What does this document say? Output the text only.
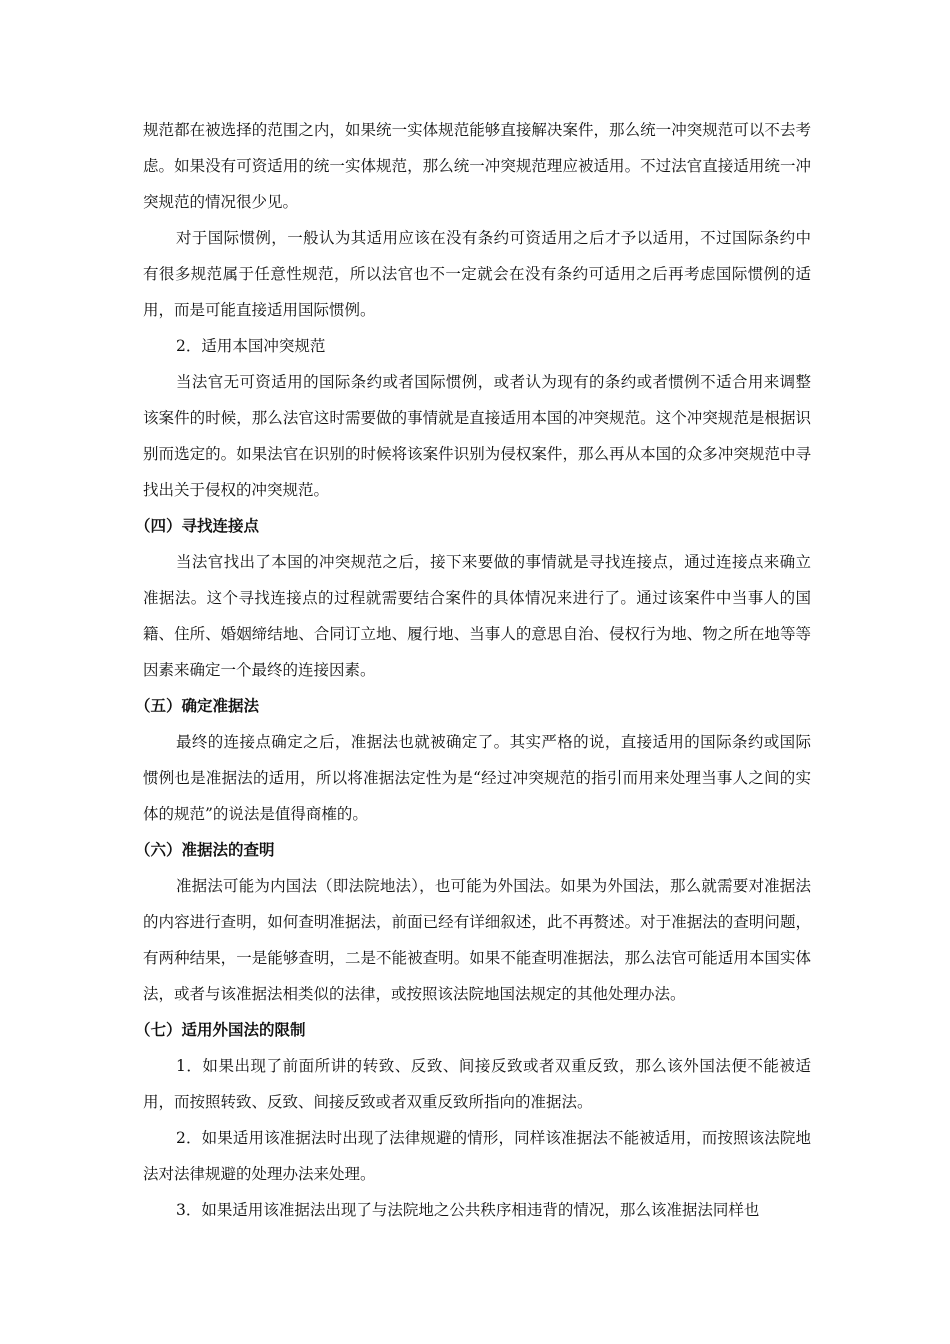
规范都在被选择的范围之内，如果统一实体规范能够直接解决案件，那么统一冲突规范可以不去考虑。如果没有可资适用的统一实体规范，那么统一冲突规范理应被适用。不过法官直接适用统一冲突规范的情况很少见。

对于国际惯例，一般认为其适用应该在没有条约可资适用之后才予以适用，不过国际条约中有很多规范属于任意性规范，所以法官也不一定就会在没有条约可适用之后再考虑国际惯例的适用，而是可能直接适用国际惯例。

2．适用本国冲突规范

当法官无可资适用的国际条约或者国际惯例，或者认为现有的条约或者惯例不适合用来调整该案件的时候，那么法官这时需要做的事情就是直接适用本国的冲突规范。这个冲突规范是根据识别而选定的。如果法官在识别的时候将该案件识别为侵权案件，那么再从本国的众多冲突规范中寻找出关于侵权的冲突规范。

（四）寻找连接点

当法官找出了本国的冲突规范之后，接下来要做的事情就是寻找连接点，通过连接点来确立准据法。这个寻找连接点的过程就需要结合案件的具体情况来进行了。通过该案件中当事人的国籍、住所、婚姻缔结地、合同订立地、履行地、当事人的意思自治、侵权行为地、物之所在地等等因素来确定一个最终的连接因素。

（五）确定准据法

最终的连接点确定之后，准据法也就被确定了。其实严格的说，直接适用的国际条约或国际惯例也是准据法的适用，所以将准据法定性为是“经过冲突规范的指引而用来处理当事人之间的实体的规范”的说法是值得商榷的。

（六）准据法的查明

准据法可能为内国法（即法院地法），也可能为外国法。如果为外国法，那么就需要对准据法的内容进行查明，如何查明准据法，前面已经有详细叙述，此不再赘述。对于准据法的查明问题，有两种结果，一是能够查明，二是不能被查明。如果不能查明准据法，那么法官可能适用本国实体法，或者与该准据法相类似的法律，或按照该法院地国法规定的其他处理办法。

（七）适用外国法的限制

1．如果出现了前面所讲的转致、反致、间接反致或者双重反致，那么该外国法便不能被适用，而按照转致、反致、间接反致或者双重反致所指向的准据法。

2．如果适用该准据法时出现了法律规避的情形，同样该准据法不能被适用，而按照该法院地法对法律规避的处理办法来处理。

3．如果适用该准据法出现了与法院地之公共秩序相违背的情况，那么该准据法同样也
